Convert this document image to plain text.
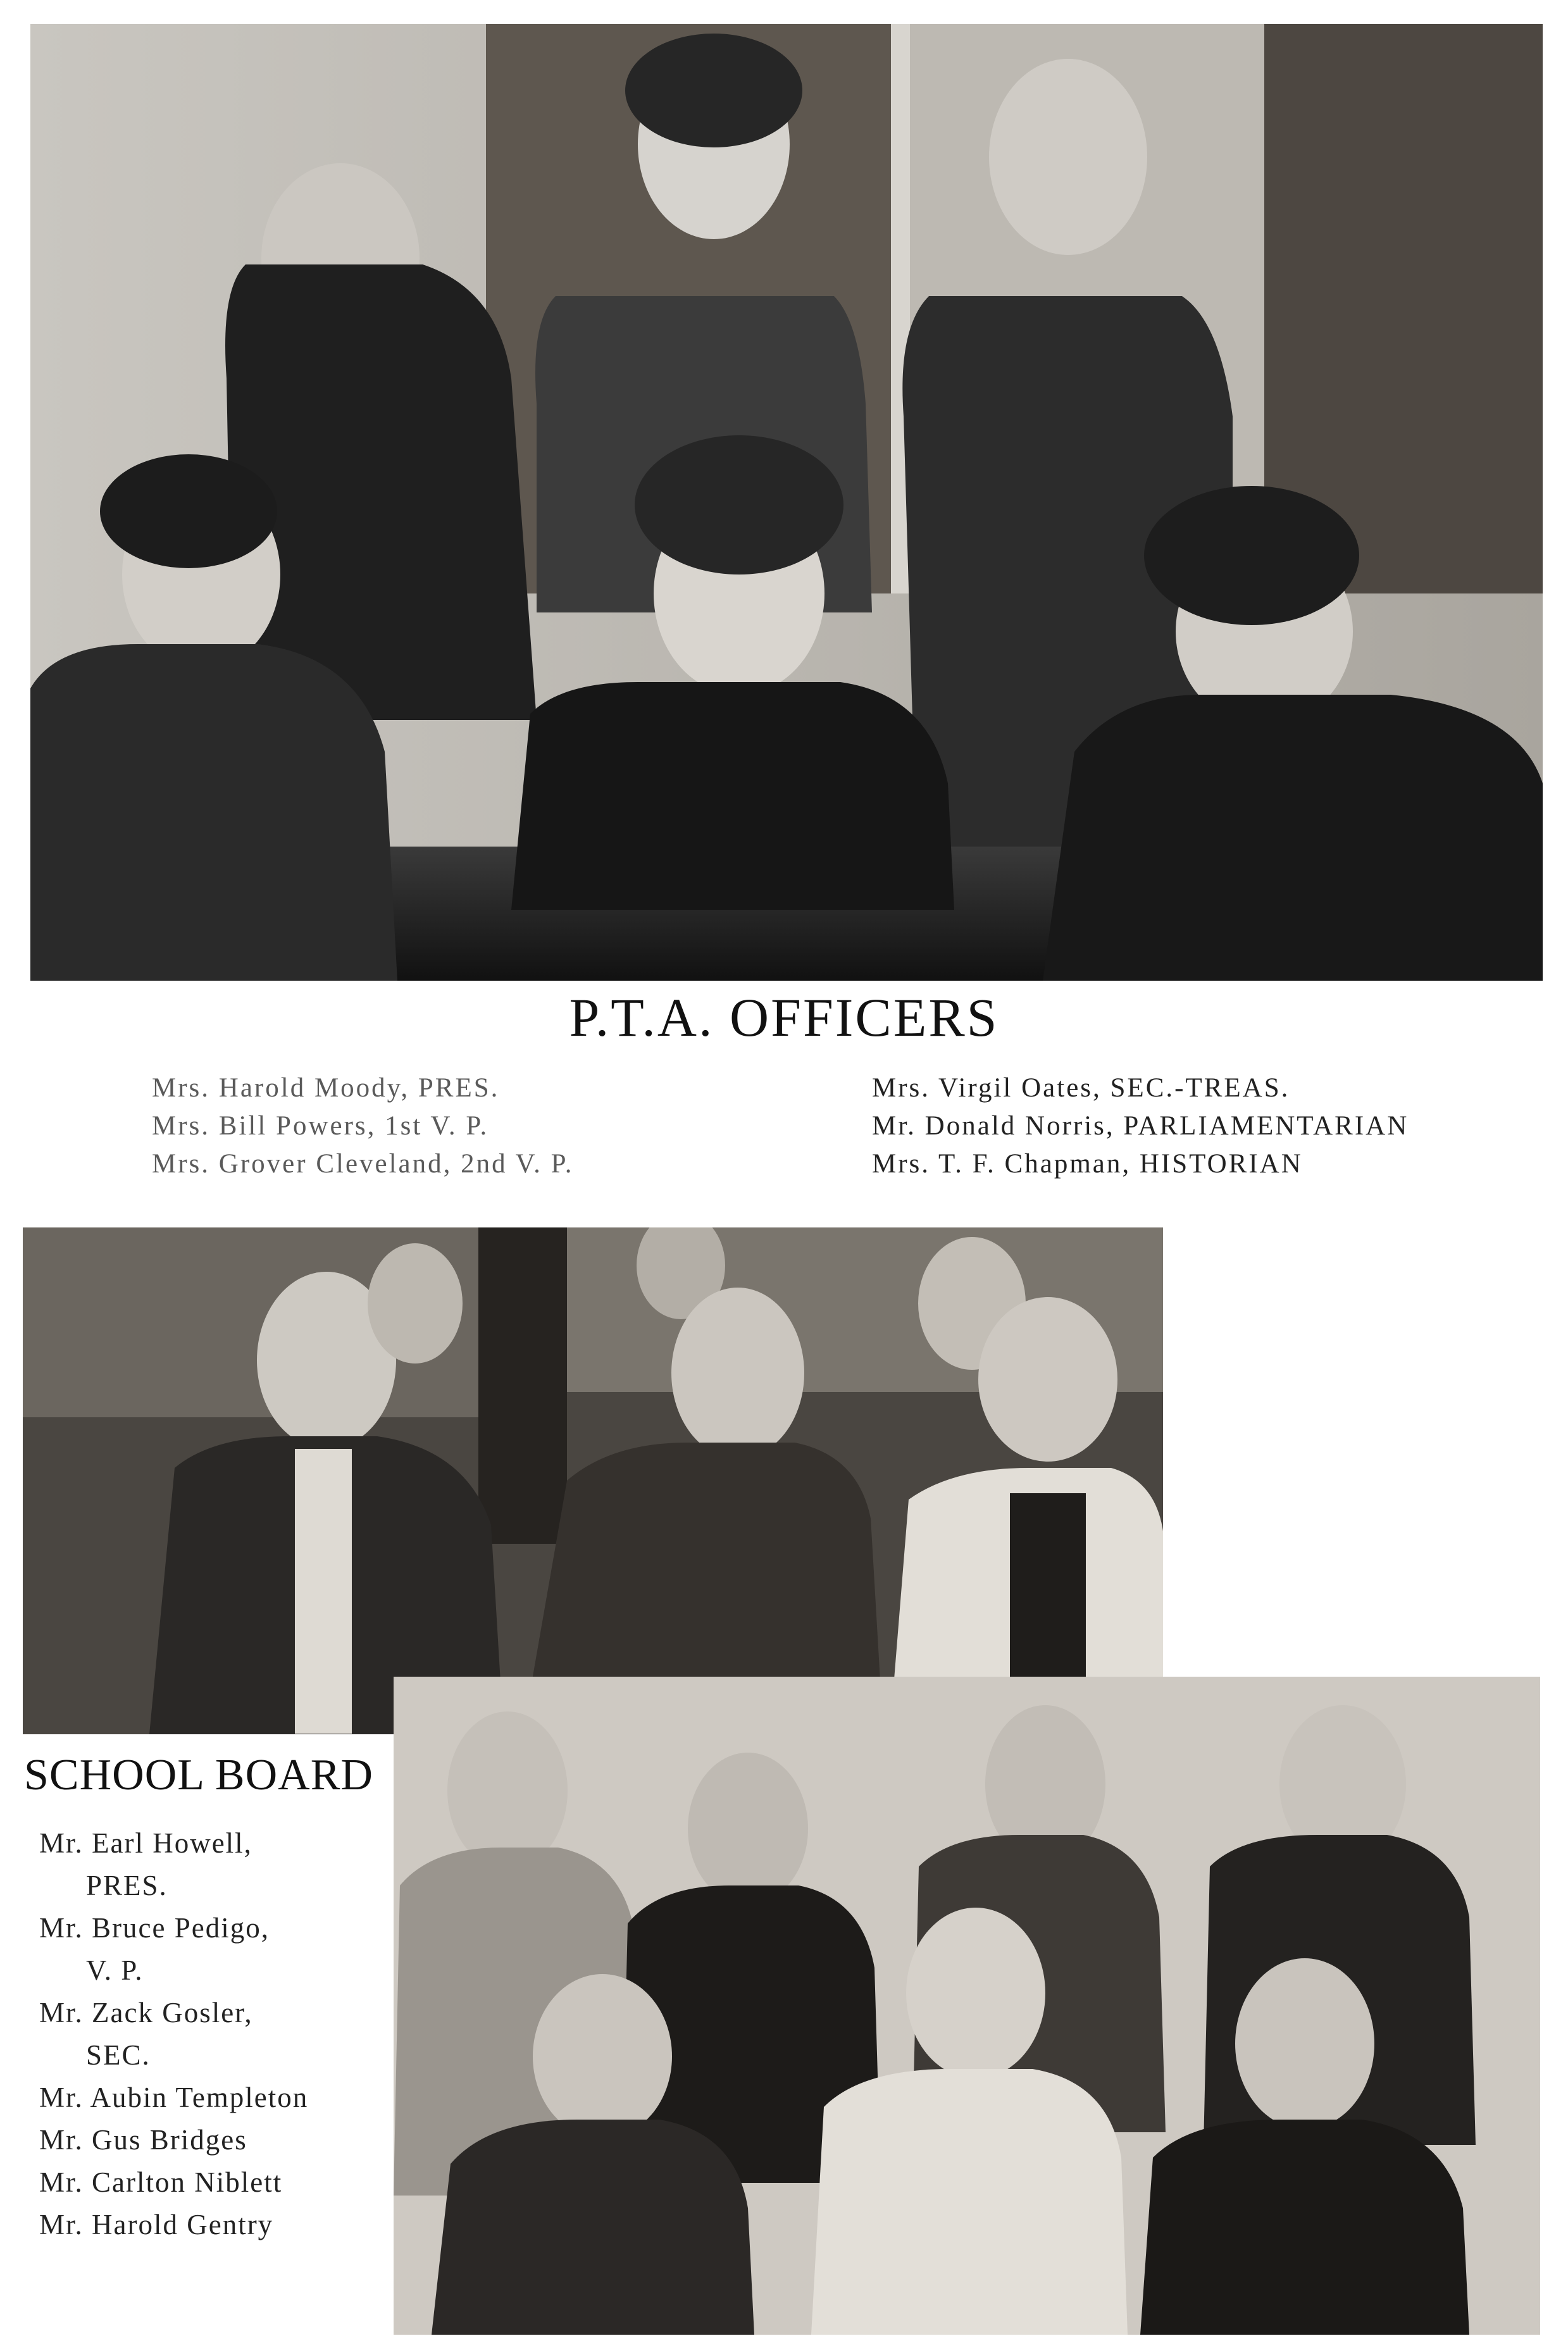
P.T.A. OFFICERS
Mrs. Harold Moody, PRES.
Mrs. Bill Powers, 1st V. P.
Mrs. Grover Cleveland, 2nd V. P.
Mrs. Virgil Oates, SEC.-TREAS.
Mr. Donald Norris, PARLIAMENTARIAN
Mrs. T. F. Chapman, HISTORIAN
SCHOOL BOARD
Mr. Earl Howell,
PRES.
Mr. Bruce Pedigo,
V. P.
Mr. Zack Gosler,
SEC.
Mr. Aubin Templeton
Mr. Gus Bridges
Mr. Carlton Niblett
Mr. Harold Gentry
